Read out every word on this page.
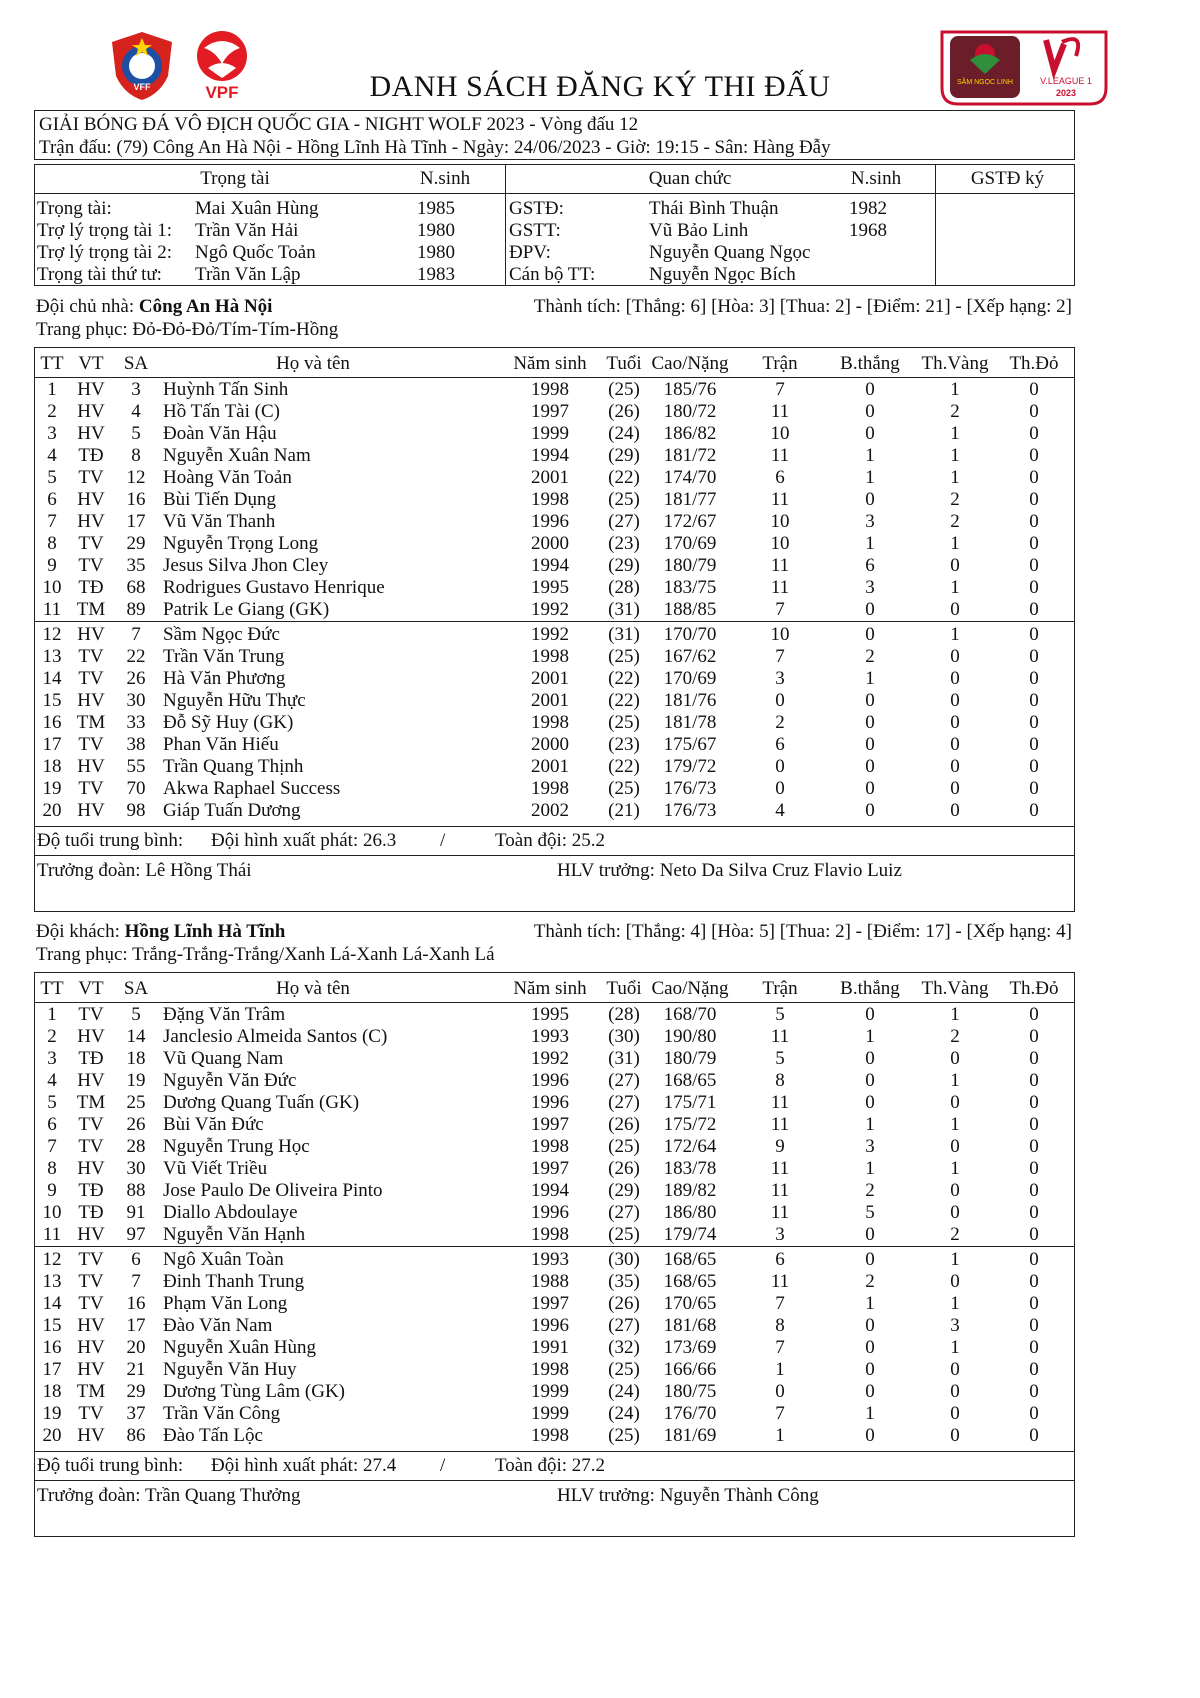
VFF	VPF
SÂM NGỌC LINH	V.LEAGUE 1
2023
DANH SÁCH ĐĂNG KÝ THI ĐẤU
GIẢI BÓNG ĐÁ VÔ ĐỊCH QUỐC GIA - NIGHT WOLF 2023 - Vòng đấu 12
Trận đấu: (79) Công An Hà Nội - Hồng Lĩnh Hà Tĩnh - Ngày: 24/06/2023 - Giờ: 19:15 - Sân: Hàng Đẫy
Trọng tài	N.sinh	Quan chức	N.sinh	GSTĐ ký
Trọng tài:	Mai Xuân Hùng	1985	GSTĐ:	Thái Bình Thuận	1982
Trợ lý trọng tài 1: Trần Văn Hải	1980	GSTT:	Vũ Bảo Linh	1968
Trợ lý trọng tài 2: Ngô Quốc Toản	1980	ĐPV:	Nguyễn Quang Ngọc
Trọng tài thứ tư: Trần Văn Lập	1983	Cán bộ TT:	Nguyễn Ngọc Bích
Đội chủ nhà: Công An Hà Nội	Thành tích: [Thắng: 6] [Hòa: 3] [Thua: 2] - [Điểm: 21] - [Xếp hạng: 2]
Trang phục: Đỏ-Đỏ-Đỏ/Tím-Tím-Hồng
TT VT SA	Họ và tên	Năm sinh	Tuổi Cao/Nặng	Trận	B.thắng	Th.Vàng	Th.Đỏ
1	HV	3	Huỳnh Tấn Sinh	1998	(25)	185/76	7	0	1	0
2	HV	4	Hồ Tấn Tài (C)	1997	(26)	180/72	11	0	2	0
3	HV	5	Đoàn Văn Hậu	1999	(24)	186/82	10	0	1	0
4	TĐ	8	Nguyễn Xuân Nam	1994	(29)	181/72	11	1	1	0
5	TV	12 Hoàng Văn Toản	2001	(22)	174/70	6	1	1	0
6	HV	16 Bùi Tiến Dụng	1998	(25)	181/77	11	0	2	0
7	HV	17 Vũ Văn Thanh	1996	(27)	172/67	10	3	2	0
8	TV	29 Nguyễn Trọng Long	2000	(23)	170/69	10	1	1	0
9	TV	35 Jesus Silva Jhon Cley	1994	(29)	180/79	11	6	0	0
10 TĐ	68 Rodrigues Gustavo Henrique	1995	(28)	183/75	11	3	1	0
11 TM	89 Patrik Le Giang (GK)	1992	(31)	188/85	7	0	0	0
12 HV	7	Sầm Ngọc Đức	1992	(31)	170/70	10	0	1	0
13 TV	22 Trần Văn Trung	1998	(25)	167/62	7	2	0	0
14 TV	26 Hà Văn Phương	2001	(22)	170/69	3	1	0	0
15 HV	30 Nguyễn Hữu Thực	2001	(22)	181/76	0	0	0	0
16 TM	33 Đỗ Sỹ Huy (GK)	1998	(25)	181/78	2	0	0	0
17 TV	38 Phan Văn Hiếu	2000	(23)	175/67	6	0	0	0
18 HV	55 Trần Quang Thịnh	2001	(22)	179/72	0	0	0	0
19 TV	70 Akwa Raphael Success	1998	(25)	176/73	0	0	0	0
20 HV	98 Giáp Tuấn Dương	2002	(21)	176/73	4	0	0	0
Độ tuổi trung bình: Đội hình xuất phát: 26.3 /	Toàn đội: 25.2
Trưởng đoàn: Lê Hồng Thái	HLV trưởng: Neto Da Silva Cruz Flavio Luiz
Đội khách: Hồng Lĩnh Hà Tĩnh	Thành tích: [Thắng: 4] [Hòa: 5] [Thua: 2] - [Điểm: 17] - [Xếp hạng: 4]
Trang phục: Trắng-Trắng-Trắng/Xanh Lá-Xanh Lá-Xanh Lá
TT VT SA	Họ và tên	Năm sinh	Tuổi Cao/Nặng	Trận	B.thắng	Th.Vàng	Th.Đỏ
1	TV	5	Đặng Văn Trâm	1995	(28)	168/70	5	0	1	0
2	HV	14 Janclesio Almeida Santos (C)	1993	(30)	190/80	11	1	2	0
3	TĐ	18 Vũ Quang Nam	1992	(31)	180/79	5	0	0	0
4	HV	19 Nguyễn Văn Đức	1996	(27)	168/65	8	0	1	0
5	TM	25 Dương Quang Tuấn (GK)	1996	(27)	175/71	11	0	0	0
6	TV	26 Bùi Văn Đức	1997	(26)	175/72	11	1	1	0
7	TV	28 Nguyễn Trung Học	1998	(25)	172/64	9	3	0	0
8	HV	30 Vũ Viết Triều	1997	(26)	183/78	11	1	1	0
9	TĐ	88 Jose Paulo De Oliveira Pinto	1994	(29)	189/82	11	2	0	0
10 TĐ	91 Diallo Abdoulaye	1996	(27)	186/80	11	5	0	0
11 HV	97 Nguyễn Văn Hạnh	1998	(25)	179/74	3	0	2	0
12 TV	6	Ngô Xuân Toàn	1993	(30)	168/65	6	0	1	0
13 TV	7	Đinh Thanh Trung	1988	(35)	168/65	11	2	0	0
14 TV	16 Phạm Văn Long	1997	(26)	170/65	7	1	1	0
15 HV	17 Đào Văn Nam	1996	(27)	181/68	8	0	3	0
16 HV	20 Nguyễn Xuân Hùng	1991	(32)	173/69	7	0	1	0
17 HV	21 Nguyễn Văn Huy	1998	(25)	166/66	1	0	0	0
18 TM	29 Dương Tùng Lâm (GK)	1999	(24)	180/75	0	0	0	0
19 TV	37 Trần Văn Công	1999	(24)	176/70	7	1	0	0
20 HV	86 Đào Tấn Lộc	1998	(25)	181/69	1	0	0	0
Độ tuổi trung bình: Đội hình xuất phát: 27.4 /	Toàn đội: 27.2
Trưởng đoàn: Trần Quang Thưởng	HLV trưởng: Nguyễn Thành Công
